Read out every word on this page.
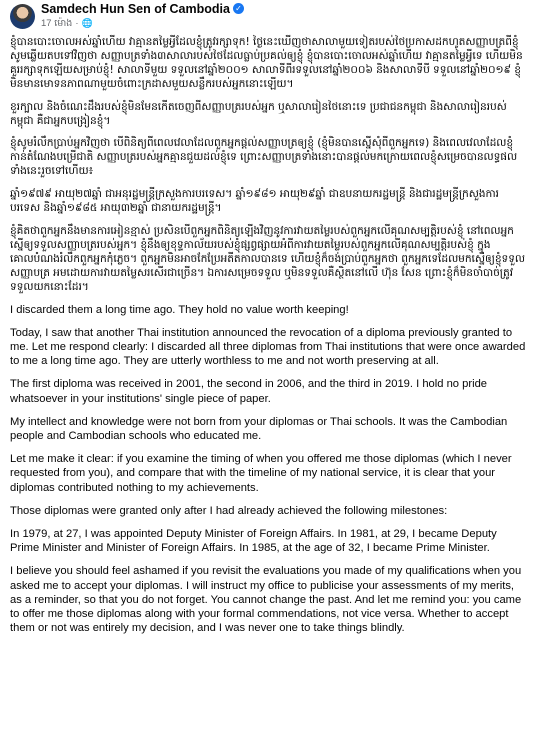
Samdech Hun Sen of Cambodia ✓
17 ម៉ោង · 🌐

ខ្ញុំបានបោះចោលអស់ឆ្នាំហើយ វាគ្មានតម្លៃអ្វីដែលខ្ញុំត្រូវរក្សាទុក! ថ្ងៃនេះឃើញថាសាលាមួយទៀតរបស់ថៃប្រកាសដកហូតសញ្ញាបត្រពីខ្ញុំ សូមឆ្លើយតបទៅវិញថា សញ្ញាបត្រទាំង៣សាលារបស់ថៃដែលធ្លាប់ប្រគល់ឲ្យខ្ញុំ ខ្ញុំបានបោះចោលអស់ឆ្នាំហើយ វាគ្មានតម្លៃអ្វីទេ ហើយមិនគួររក្សាទុកឡើយសម្រាប់ខ្ញុំ! សាលាទីមួយ ទទួលនៅឆ្នាំ២០០១ សាលាទីពីរទទួលនៅឆ្នាំ២០០៦ និងសាលាទីបី ទទួលនៅឆ្នាំ២០១៩ ខ្ញុំមិនមានមោទនភាពណាមួយចំពោះក្រដាសមួយសន្លឹករបស់អ្នកនោះឡើយ។

ខួរក្បាល និងចំណេះដឹងរបស់ខ្ញុំមិនមែនកើតចេញពីសញ្ញាបត្ររបស់អ្នក ឬសាលារៀនថៃនោះទេ ប្រជាជនកម្ពុជា និងសាលារៀនរបស់កម្ពុជា គឺជាអ្នកបង្រៀនខ្ញុំ។

ខ្ញុំសូមរំលឹកប្រាប់អ្នកវិញថា បើពិនិត្យពីពេលវេលាដែលពួកអ្នកផ្តល់សញ្ញាបត្រឲ្យខ្ញុំ (ខ្ញុំមិនបានស្នើសុំពីពួកអ្នកទេ) និងពេលវេលាដែលខ្ញុំកាន់តំណែងបម្រើជាតិ សញ្ញាបត្ររបស់អ្នកគ្មានជួយដល់ខ្ញុំទេ ព្រោះសញ្ញាបត្រទាំងនោះបានផ្តល់មកក្រោយពេលខ្ញុំសម្រេចបានលទ្ធផលទាំងនេះរួចទៅហើយ៖

ឆ្នាំ១៩៧៩ អាយុ២៧ឆ្នាំ ជាអនុរដ្ឋមន្ត្រីក្រសួងការបរទេស។ ឆ្នាំ១៩៨១ អាយុ២៩ឆ្នាំ ជាឧបនាយករដ្ឋមន្ត្រី និងជារដ្ឋមន្ត្រីក្រសួងការបរទេស និងឆ្នាំ១៩៨៥ អាយុ៣២ឆ្នាំ ជានាយករដ្ឋមន្ត្រី។

ខ្ញុំគិតថាពួកអ្នកនឹងមានការអៀនខ្មាស់ ប្រសិនបើពួកអ្នកពិនិត្យឡើងវិញនូវការវាយតម្លៃរបស់ពួកអ្នកលើគុណសម្បត្តិរបស់ខ្ញុំ នៅពេលអ្នកស្នើឲ្យទទួលសញ្ញាបត្ររបស់អ្នក។ ខ្ញុំនឹងឲ្យខុទ្ទកាល័យរបស់ខ្ញុំផ្សព្វផ្សាយអំពីការវាយតម្លៃរបស់ពួកអ្នកលើគុណសម្បត្តិរបស់ខ្ញុំ ក្នុងគោលបំណងរំលឹកពួកអ្នកកុំភ្លេច។ ពួកអ្នកមិនអាចកែប្រែអតីតកាលបានទេ ហើយខ្ញុំក៏ចង់ប្រាប់ពួកអ្នកថា ពួកអ្នកទេដែលមកស្នើឲ្យខ្ញុំទទួលសញ្ញាបត្រ អមដោយការវាយតម្លៃសរសើរជាច្រើន។ ឯការសម្រេចទទួល ឬមិនទទួលគឺស្ថិតនៅលើ ហ៊ុន សែន ព្រោះខ្ញុំក៏មិនចាំបាច់ត្រូវទទួលយកនោះដែរ។

I discarded them a long time ago. They hold no value worth keeping!

Today, I saw that another Thai institution announced the revocation of a diploma previously granted to me. Let me respond clearly: I discarded all three diplomas from Thai institutions that were once awarded to me a long time ago. They are utterly worthless to me and not worth preserving at all.

The first diploma was received in 2001, the second in 2006, and the third in 2019. I hold no pride whatsoever in your institutions' single piece of paper.

My intellect and knowledge were not born from your diplomas or Thai schools. It was the Cambodian people and Cambodian schools who educated me.

Let me make it clear: if you examine the timing of when you offered me those diplomas (which I never requested from you), and compare that with the timeline of my national service, it is clear that your diplomas contributed nothing to my achievements.

Those diplomas were granted only after I had already achieved the following milestones:

In 1979, at 27, I was appointed Deputy Minister of Foreign Affairs. In 1981, at 29, I became Deputy Prime Minister and Minister of Foreign Affairs. In 1985, at the age of 32, I became Prime Minister.

I believe you should feel ashamed if you revisit the evaluations you made of my qualifications when you asked me to accept your diplomas. I will instruct my office to publicise your assessments of my merits, as a reminder, so that you do not forget. You cannot change the past. And let me remind you: you came to offer me those diplomas along with your formal commendations, not vice versa. Whether to accept them or not was entirely my decision, and I was never one to take things blindly.
